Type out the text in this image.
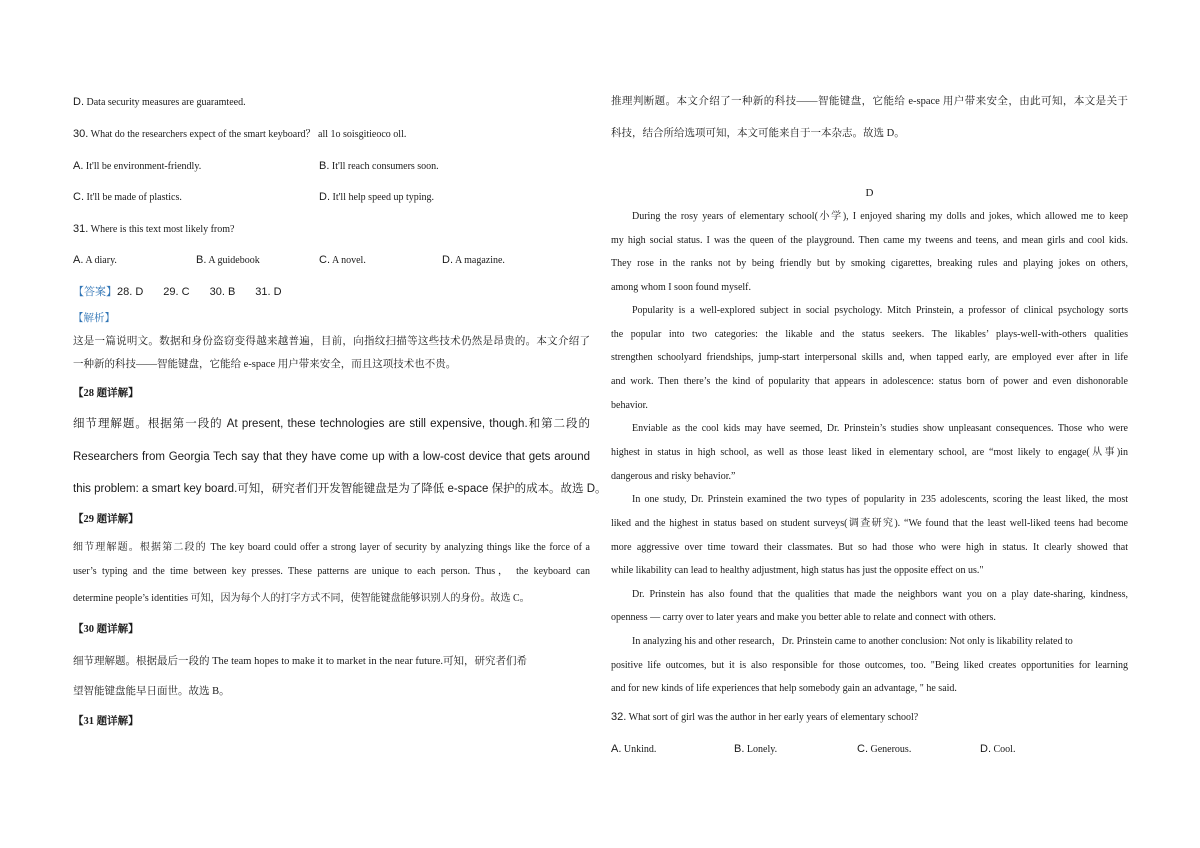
D. Data security measures are guaramteed.
30. What do the researchers expect of the smart keyboard？ all 1o soisgitieoco oll.
A. It'll be environment-friendly.	B. It'll reach consumers soon.
C. It'll be made of plastics.	D. It'll help speed up typing.
31. Where is this text most likely from?
A. A diary.	B. A guidebook	C. A novel.	D. A magazine.
【答案】28. D 29. C 30. B 31. D
【解析】
这是一篇说明文。数据和身份盗窃变得越来越普遍，目前，向指纹扫描等这些技术仍然是昂贵的。本文介绍了
一种新的科技——智能键盘，它能给 e-space 用户带来安全，而且这项技术也不贵。
【28 题详解】
细节理解题。根据第一段的 At present, these technologies are still expensive, though.和第二段的
Researchers from Georgia Tech say that they have come up with a low-cost device that gets around
this problem: a smart key board.可知，研究者们开发智能键盘是为了降低 e-space 保护的成本。故选 D。
【29 题详解】
细节理解题。根据第二段的 The key board could offer a strong layer of security by analyzing things like the force of a
user’s typing and the time between key presses. These patterns are unique to each person. Thus， the keyboard can
determine people’s identities 可知，因为每个人的打字方式不同，使智能键盘能够识别人的身份。故选 C。
【30 题详解】
细节理解题。根据最后一段的 The team hopes to make it to market in the near future.可知，研究者们希
望智能键盘能早日面世。故选 B。
【31 题详解】
推理判断题。本文介绍了一种新的科技——智能键盘，它能给 e-space 用户带来安全，由此可知，本文是关于
科技，结合所给选项可知，本文可能来自于一本杂志。故选 D。
D
During the rosy years of elementary school(小学), I enjoyed sharing my dolls and jokes, which allowed me to keep
my high social status. I was the queen of the playground. Then came my tweens and teens, and mean girls and cool kids.
They rose in the ranks not by being friendly but by smoking cigarettes, breaking rules and playing jokes on others,
among whom I soon found myself.
Popularity is a well-explored subject in social psychology. Mitch Prinstein, a professor of clinical psychology sorts
the popular into two categories: the likable and the status seekers. The likables’ plays-well-with-others qualities
strengthen schoolyard friendships, jump-start interpersonal skills and, when tapped early, are employed ever after in life
and work. Then there’s the kind of popularity that appears in adolescence: status born of power and even dishonorable
behavior.
Enviable as the cool kids may have seemed, Dr. Prinstein’s studies show unpleasant consequences. Those who were
highest in status in high school, as well as those least liked in elementary school, are “most likely to engage(从事)in
dangerous and risky behavior.”
In one study, Dr. Prinstein examined the two types of popularity in 235 adolescents, scoring the least liked, the most
liked and the highest in status based on student surveys(调查研究). “We found that the least well-liked teens had become
more aggressive over time toward their classmates. But so had those who were high in status. It clearly showed that
while likability can lead to healthy adjustment, high status has just the opposite effect on us."
Dr. Prinstein has also found that the qualities that made the neighbors want you on a play date-sharing, kindness,
openness — carry over to later years and make you better able to relate and connect with others.
In analyzing his and other research，Dr. Prinstein came to another conclusion: Not only is likability related to
positive life outcomes, but it is also responsible for those outcomes, too. "Being liked creates opportunities for learning
and for new kinds of life experiences that help somebody gain an advantage, " he said.
32. What sort of girl was the author in her early years of elementary school?
A. Unkind.	B. Lonely.	C. Generous.	D. Cool.
